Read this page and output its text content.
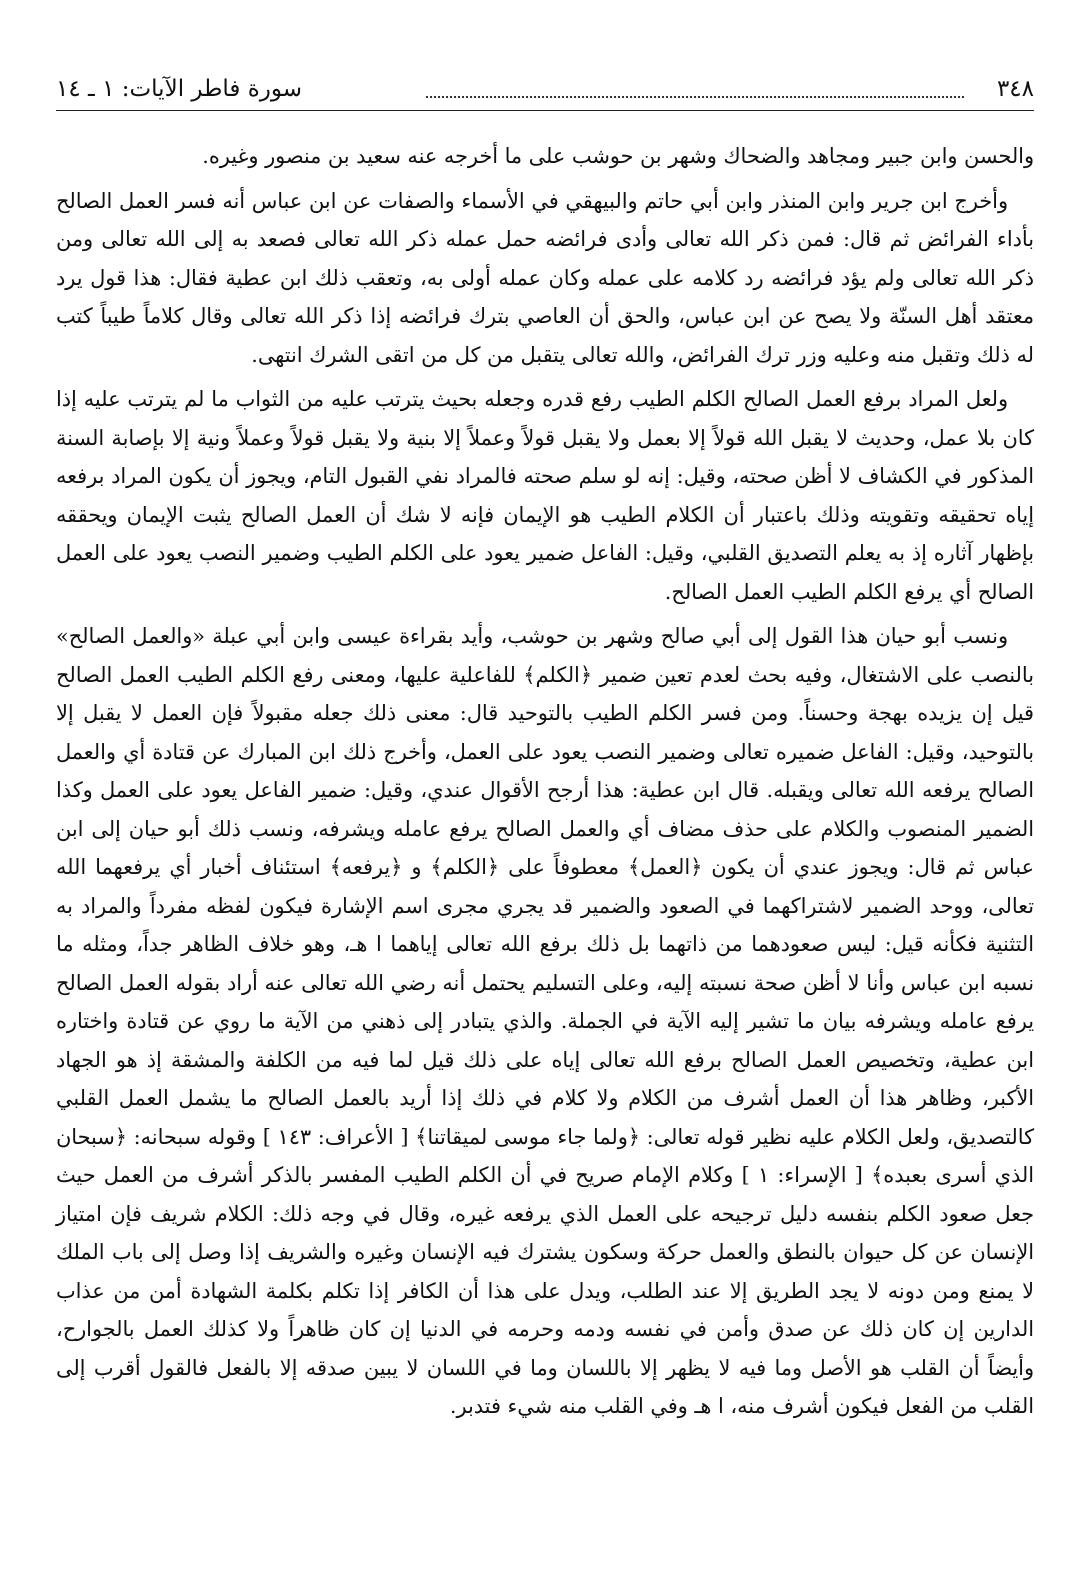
٣٤٨
سورة فاطر الآيات: ١ ـ ١٤

والحسن وابن جبير ومجاهد والضحاك وشهر بن حوشب على ما أخرجه عنه سعيد بن منصور وغيره.

وأخرج ابن جرير وابن المنذر وابن أبي حاتم والبيهقي في الأسماء والصفات عن ابن عباس أنه فسر العمل الصالح بأداء الفرائض ثم قال: فمن ذكر الله تعالى وأدى فرائضه حمل عمله ذكر الله تعالى فصعد به إلى الله تعالى ومن ذكر الله تعالى ولم يؤد فرائضه رد كلامه على عمله وكان عمله أولى به، وتعقب ذلك ابن عطية فقال: هذا قول يرد معتقد أهل السنّة ولا يصح عن ابن عباس، والحق أن العاصي بترك فرائضه إذا ذكر الله تعالى وقال كلاماً طيباً كتب له ذلك وتقبل منه وعليه وزر ترك الفرائض، والله تعالى يتقبل من كل من اتقى الشرك انتهى.

ولعل المراد برفع العمل الصالح الكلم الطيب رفع قدره وجعله بحيث يترتب عليه من الثواب ما لم يترتب عليه إذا كان بلا عمل، وحديث لا يقبل الله قولاً إلا بعمل ولا يقبل قولاً وعملاً إلا بنية ولا يقبل قولاً وعملاً ونية إلا بإصابة السنة المذكور في الكشاف لا أظن صحته، وقيل: إنه لو سلم صحته فالمراد نفي القبول التام، ويجوز أن يكون المراد برفعه إياه تحقيقه وتقويته وذلك باعتبار أن الكلام الطيب هو الإيمان فإنه لا شك أن العمل الصالح يثبت الإيمان ويحققه بإظهار آثاره إذ به يعلم التصديق القلبي، وقيل: الفاعل ضمير يعود على الكلم الطيب وضمير النصب يعود على العمل الصالح أي يرفع الكلم الطيب العمل الصالح.

ونسب أبو حيان هذا القول إلى أبي صالح وشهر بن حوشب، وأيد بقراءة عيسى وابن أبي عبلة «والعمل الصالح» بالنصب على الاشتغال، وفيه بحث لعدم تعين ضمير ﴿الكلم﴾ للفاعلية عليها، ومعنى رفع الكلم الطيب العمل الصالح قيل إن يزيده بهجة وحسناً. ومن فسر الكلم الطيب بالتوحيد قال: معنى ذلك جعله مقبولاً فإن العمل لا يقبل إلا بالتوحيد، وقيل: الفاعل ضميره تعالى وضمير النصب يعود على العمل، وأخرج ذلك ابن المبارك عن قتادة أي والعمل الصالح يرفعه الله تعالى ويقبله. قال ابن عطية: هذا أرجح الأقوال عندي، وقيل: ضمير الفاعل يعود على العمل وكذا الضمير المنصوب والكلام على حذف مضاف أي والعمل الصالح يرفع عامله ويشرفه، ونسب ذلك أبو حيان إلى ابن عباس ثم قال: ويجوز عندي أن يكون ﴿العمل﴾ معطوفاً على ﴿الكلم﴾ و ﴿يرفعه﴾ استئناف أخبار أي يرفعهما الله تعالى، ووحد الضمير لاشتراكهما في الصعود والضمير قد يجري مجرى اسم الإشارة فيكون لفظه مفرداً والمراد به التثنية فكأنه قيل: ليس صعودهما من ذاتهما بل ذلك برفع الله تعالى إياهما ا هـ، وهو خلاف الظاهر جداً، ومثله ما نسبه ابن عباس وأنا لا أظن صحة نسبته إليه، وعلى التسليم يحتمل أنه رضي الله تعالى عنه أراد بقوله العمل الصالح يرفع عامله ويشرفه بيان ما تشير إليه الآية في الجملة. والذي يتبادر إلى ذهني من الآية ما روي عن قتادة واختاره ابن عطية، وتخصيص العمل الصالح برفع الله تعالى إياه على ذلك قيل لما فيه من الكلفة والمشقة إذ هو الجهاد الأكبر، وظاهر هذا أن العمل أشرف من الكلام ولا كلام في ذلك إذا أريد بالعمل الصالح ما يشمل العمل القلبي كالتصديق، ولعل الكلام عليه نظير قوله تعالى: ﴿ولما جاء موسى لميقاتنا﴾ [ الأعراف: ١٤٣ ] وقوله سبحانه: ﴿سبحان الذي أسرى بعبده﴾ [ الإسراء: ١ ] وكلام الإمام صريح في أن الكلم الطيب المفسر بالذكر أشرف من العمل حيث جعل صعود الكلم بنفسه دليل ترجيحه على العمل الذي يرفعه غيره، وقال في وجه ذلك: الكلام شريف فإن امتياز الإنسان عن كل حيوان بالنطق والعمل حركة وسكون يشترك فيه الإنسان وغيره والشريف إذا وصل إلى باب الملك لا يمنع ومن دونه لا يجد الطريق إلا عند الطلب، ويدل على هذا أن الكافر إذا تكلم بكلمة الشهادة أمن من عذاب الدارين إن كان ذلك عن صدق وأمن في نفسه ودمه وحرمه في الدنيا إن كان ظاهراً ولا كذلك العمل بالجوارح، وأيضاً أن القلب هو الأصل وما فيه لا يظهر إلا باللسان وما في اللسان لا يبين صدقه إلا بالفعل فالقول أقرب إلى القلب من الفعل فيكون أشرف منه، ا هـ وفي القلب منه شيء فتدبر.
